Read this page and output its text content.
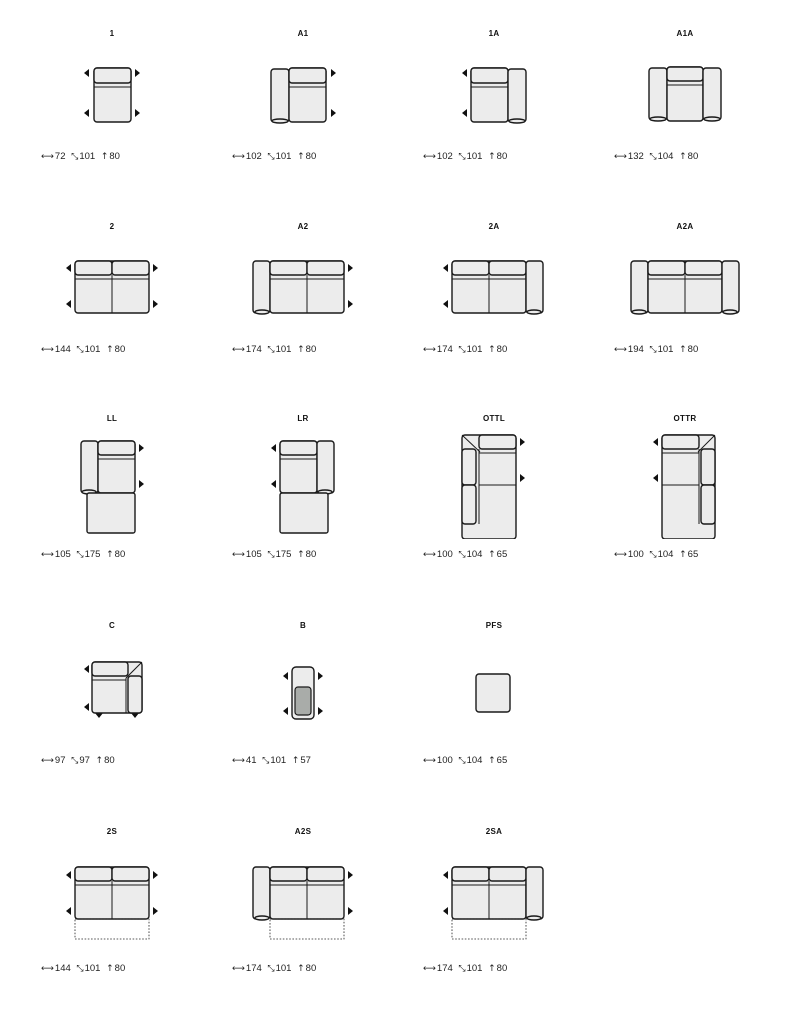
1
⟷72 ⤡101 ↑80
A1
⟷102 ⤡101 ↑80
1A
⟷102 ⤡101 ↑80
A1A
⟷132 ⤡104 ↑80
2
⟷144 ⤡101 ↑80
A2
⟷174 ⤡101 ↑80
2A
⟷174 ⤡101 ↑80
A2A
⟷194 ⤡101 ↑80
LL
⟷105 ⤡175 ↑80
LR
⟷105 ⤡175 ↑80
OTTL
⟷100 ⤡104 ↑65
OTTR
⟷100 ⤡104 ↑65
C
⟷97 ⤡97 ↑80
B
⟷41 ⤡101 ↑57
PFS
⟷100 ⤡104 ↑65
2S
⟷144 ⤡101 ↑80
A2S
⟷174 ⤡101 ↑80
2SA
⟷174 ⤡101 ↑80
